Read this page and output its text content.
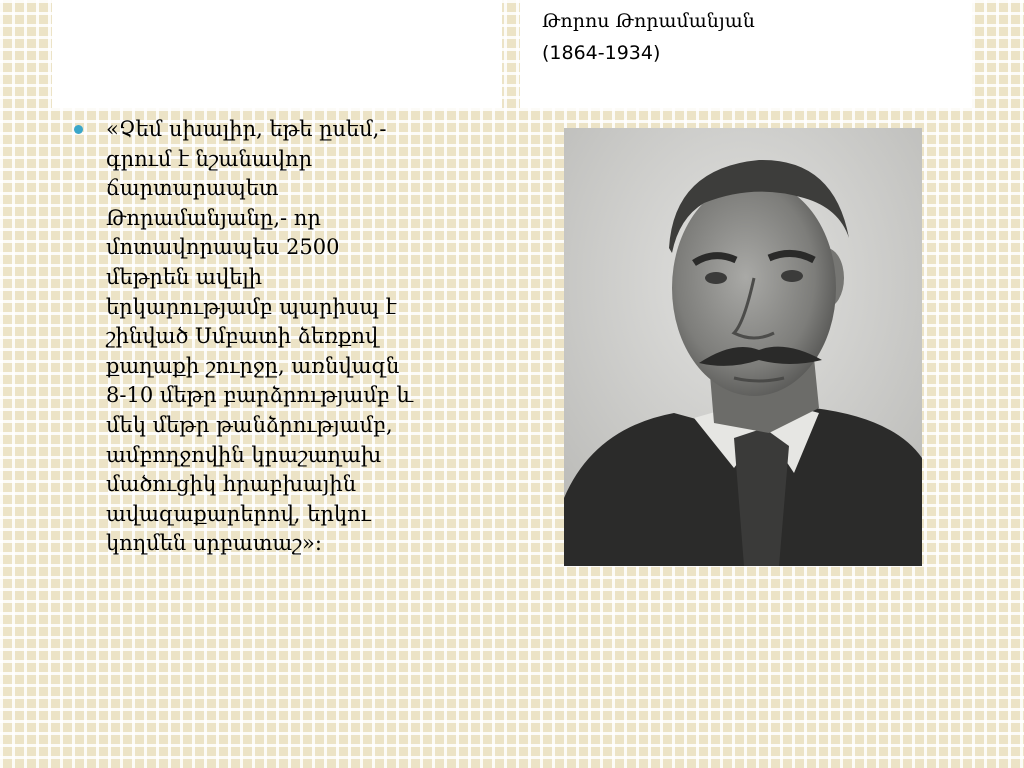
Թորոս Թորամանյան
(1864-1934)

«Չեմ սխալիր, եթե ըսեմ,-
գրում է նշանավոր
ճարտարապետ
Թորամանյանը,- որ
մոտավորապես 2500
մեթրեն ավելի
երկարությամբ պարիսպ է
շինված Սմբատի ձեռքով
քաղաքի շուրջը, առնվազն
8-10 մեթր բարձրությամբ և
մեկ մեթր թանձրությամբ,
ամբողջովին կրաշաղախ
մածուցիկ հրաբխային
ավազաքարերով, երկու
կողմեն սրբատաշ»:
